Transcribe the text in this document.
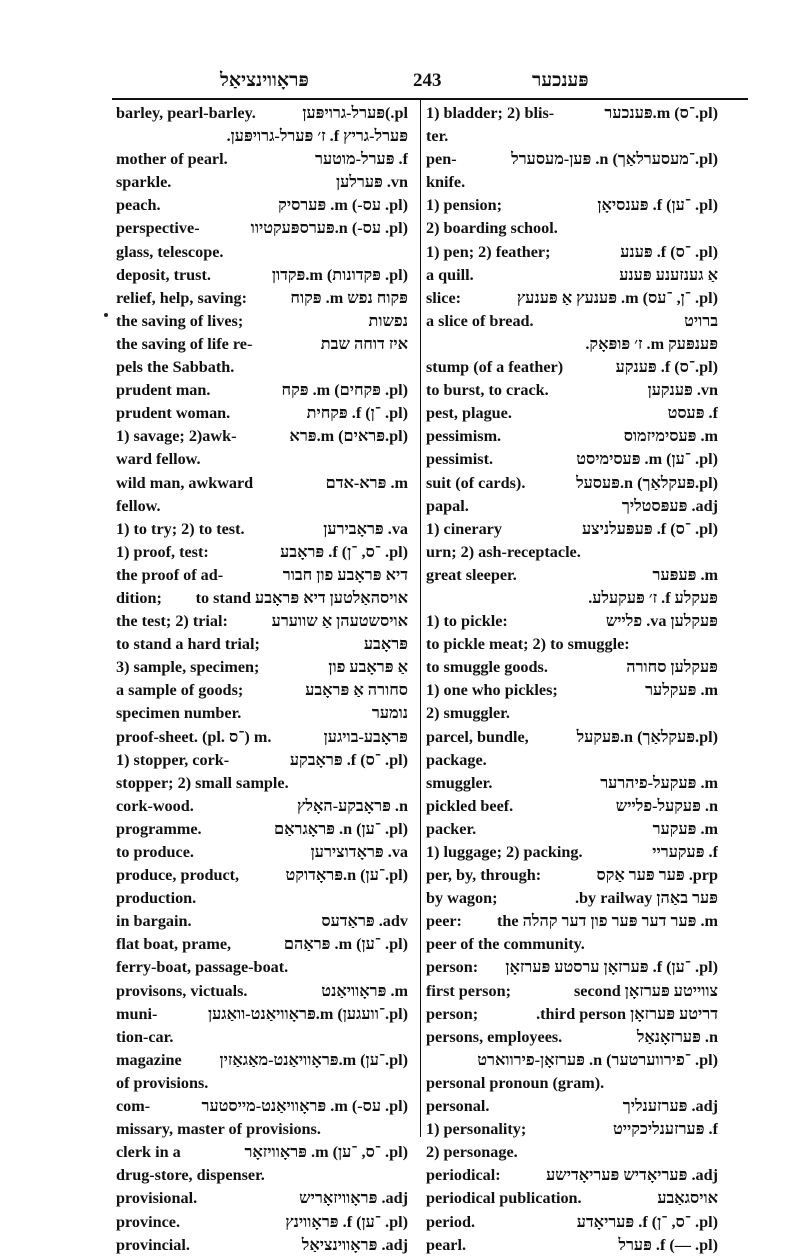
פּראָווינציאַל	243	פּענכער
barley, pearl-barley.	pl.)פּערל-גרויפּען
פּערל-גריץ f. ז׳ פּערל-גרויפּען.
mother of pearl.	f. פּערל-מוטער
sparkle.	vn. פּערלען
peach.	(pl. עס-) m. פּערסיק
perspective-	(pl. עס-) n.פּערספּעקטיוו
glass, telescope.
deposit, trust.	(pl. פּקדונות) m.פּקדון
relief, help, saving:	פּקוח נפש m. פּקוח
the saving of lives;	נפשות
the saving of life re-	איז דוחה שבת
pels the Sabbath.
prudent man.	(pl. פּקחים) m. פּקח
prudent woman.	(pl. ־ן) f. פּקחית
1) savage; 2)awk-	(pl.פּראים) m.פּרא
ward fellow.
wild man, awkward	m. פּרא-אדם
fellow.
1) to try; 2) to test.	va. פּראָבירען
1) proof, test:	(pl. ־ס, ־ן) f. פּראָבע
the proof of ad-	דיא פּראָבע פון חבור
dition;	אויסהאַלטען דיא פּראָבע to stand
the test; 2) trial:	אויסשטעהן אַ שווערע
to stand a hard trial;	פּראָבע
3) sample, specimen;	אַ פּראָבע פון
a sample of goods;	סחורה אַ פּראָבע
specimen number.	נומער
proof-sheet. (pl. ־ס) m.	פּראָבע-בויגען
1) stopper, cork-	(pl. ־ס) f. פּראָבקע
stopper; 2) small sample.
cork-wood.	n. פּראָבקע-האָלץ
programme.	(pl. ־ען) n. פּראָגראַם
to produce.	va. פּראָדוצירען
produce, product,	(pl.־ען) n.פּראָדוקט
production.
in bargain.	adv. פּראַדעס
flat boat, prame,	(pl. ־ען) m. פּראַהם
ferry-boat, passage-boat.
provisons, victuals.	m. פּראָוויאַנט
muni-	(pl.־וועגען) m.פּראָוויאַנט-וואַגען
tion-car.
magazine	(pl.־ען) m.פּראָוויאַנט-מאַגאַזין
of provisions.
com-	(pl. עס-) m. פּראָוויאַנט-מייסטער
missary, master of provisions.
clerk in a	(pl. ־ס, ־ען) m. פּראָוויזאָר
drug-store, dispenser.
provisional.	adj. פּראָוויזאָריש
province.	(pl. ־ען) f. פּראָווינץ
provincial.	adj. פּראָווינציאַל
1) bladder; 2) blis-	(pl.־ס) m.פּענכער
ter.
pen-	(pl.־מעסערלאַך) n. פּען-מעסערל
knife.
1) pension;	(pl. ־ען) f. פּענסיאָן
2) boarding school.
1) pen; 2) feather;	(pl. ־ס) f. פּענע
a quill.	אַ גענזענע פּענע
slice:	(pl. ־ן, ־עס) m. פּענעץ אַ פּענעץ
a slice of bread.	ברויט
פּענפּעק m. ז׳ פּופּאָק.
stump (of a feather)	(pl.־ס) f. פּענקע
to burst, to crack.	vn. פּענקען
pest, plague.	f. פּעסט
pessimism.	m. פּעסימיזמוס
pessimist.	(pl. ־ען) m. פּעסימיסט
suit (of cards).	(pl.פּעקלאַך) n.פּעסעל
papal.	adj. פּעפּסטליך
1) cinerary	(pl. ־ס) f. פּעפּעלניצע
urn; 2) ash-receptacle.
great sleeper.	m. פּעפּער
פּעקלע f. ז׳ פּעקעלע.
1) to pickle:	פּעקלען va. פלייש
to pickle meat; 2) to smuggle:
to smuggle goods.	פּעקלען סחורה
1) one who pickles;	m. פּעקלער
2) smuggler.
parcel, bundle,	(pl.פּעקלאַך) n.פּעקעל
package.
smuggler.	m. פּעקעל-פיהרער
pickled beef.	n. פּעקעל-פלייש
packer.	m. פּעקער
1) luggage; 2) packing.	f. פּעקעריי
per, by, through:	prp. פּער פּער אַקס
by wagon;	פּער באַהן by railway.
peer:	m. פּער דער פּער פון דער קהלה the
peer of the community.
person:	(pl. ־ען) f. פּערזאָן ערסטע פּערזאָן
first person;	צווייטע פּערזאָן second
person;	דריטע פּערזאָן third person.
persons, employees.	n. פּערזאָנאַל
(pl. ־פירווערטער) n. פּערזאָן-פירווארט
personal pronoun (gram).
personal.	adj. פּערזענליך
1) personality;	f. פּערזענליכקייט
2) personage.
periodical:	adj. פּעריאָדיש פּעריאָדישע
periodical publication.	אויסגאַבע
period.	(pl. ־ס, ־ן) f. פּעריאָדע
pearl.	(pl. —) f. פּערל
